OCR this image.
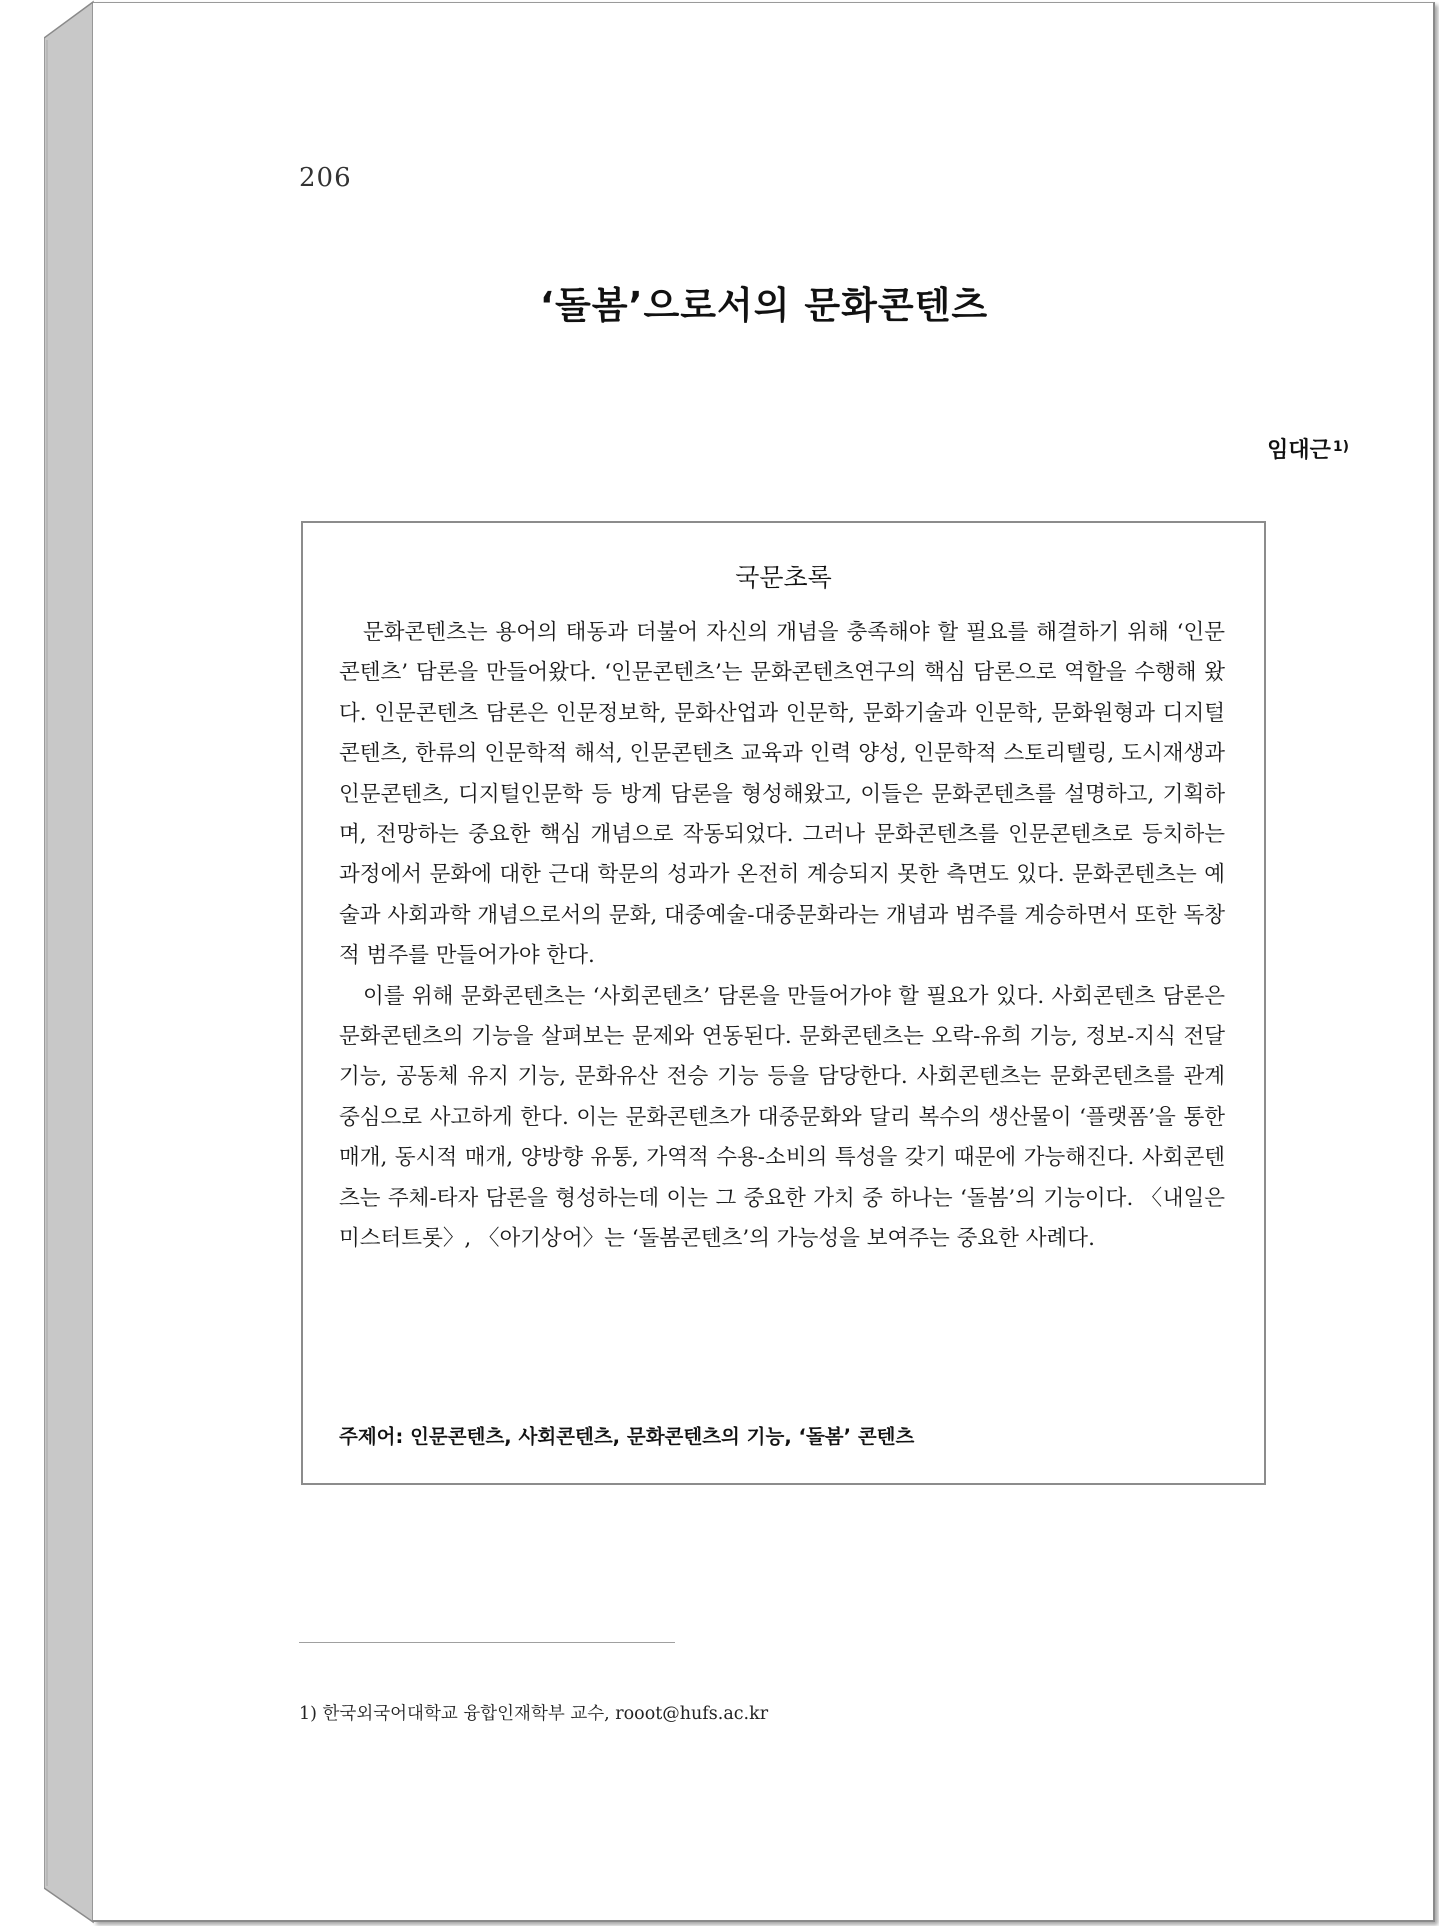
206
‘돌봄’으로서의 문화콘텐츠
임대근 $^{1)}$
국문초록

문화콘텐츠는 용어의 태동과 더불어 자신의 개념을 충족해야 할 필요를 해결하기 위해 ‘인문콘텐츠’ 담론을 만들어왔다. ‘인문콘텐츠’는 문화콘텐츠연구의 핵심 담론으로 역할을 수행해 왔다. 인문콘텐츠 담론은 인문정보학, 문화산업과 인문학, 문화기술과 인문학, 문화원형과 디지털콘텐츠, 한류의 인문학적 해석, 인문콘텐츠 교육과 인력 양성, 인문학적 스토리텔링, 도시재생과 인문콘텐츠, 디지털인문학 등 방계 담론을 형성해왔고, 이들은 문화콘텐츠를 설명하고, 기획하며, 전망하는 중요한 핵심 개념으로 작동되었다. 그러나 문화콘텐츠를 인문콘텐츠로 등치하는 과정에서 문화에 대한 근대 학문의 성과가 온전히 계승되지 못한 측면도 있다. 문화콘텐츠는 예술과 사회과학 개념으로서의 문화, 대중예술-대중문화라는 개념과 범주를 계승하면서 또한 독창적 범주를 만들어가야 한다.

이를 위해 문화콘텐츠는 ‘사회콘텐츠’ 담론을 만들어가야 할 필요가 있다. 사회콘텐츠 담론은 문화콘텐츠의 기능을 살펴보는 문제와 연동된다. 문화콘텐츠는 오락-유희 기능, 정보-지식 전달 기능, 공동체 유지 기능, 문화유산 전승 기능 등을 담당한다. 사회콘텐츠는 문화콘텐츠를 관계 중심으로 사고하게 한다. 이는 문화콘텐츠가 대중문화와 달리 복수의 생산물이 ‘플랫폼’을 통한매개, 동시적 매개, 양방향 유통, 가역적 수용-소비의 특성을 갖기 때문에 가능해진다. 사회콘텐츠는 주체-타자 담론을 형성하는데 이는 그 중요한 가치 중 하나는 ‘돌봄’의 기능이다. 〈내일은 미스터트롯〉, 〈아기상어〉는 ‘돌봄콘텐츠’의 가능성을 보여주는 중요한 사례다.

주제어: 인문콘텐츠, 사회콘텐츠, 문화콘텐츠의 기능, ‘돌봄’ 콘텐츠
1) 한국외국어대학교 융합인재학부 교수, rooot@hufs.ac.kr
